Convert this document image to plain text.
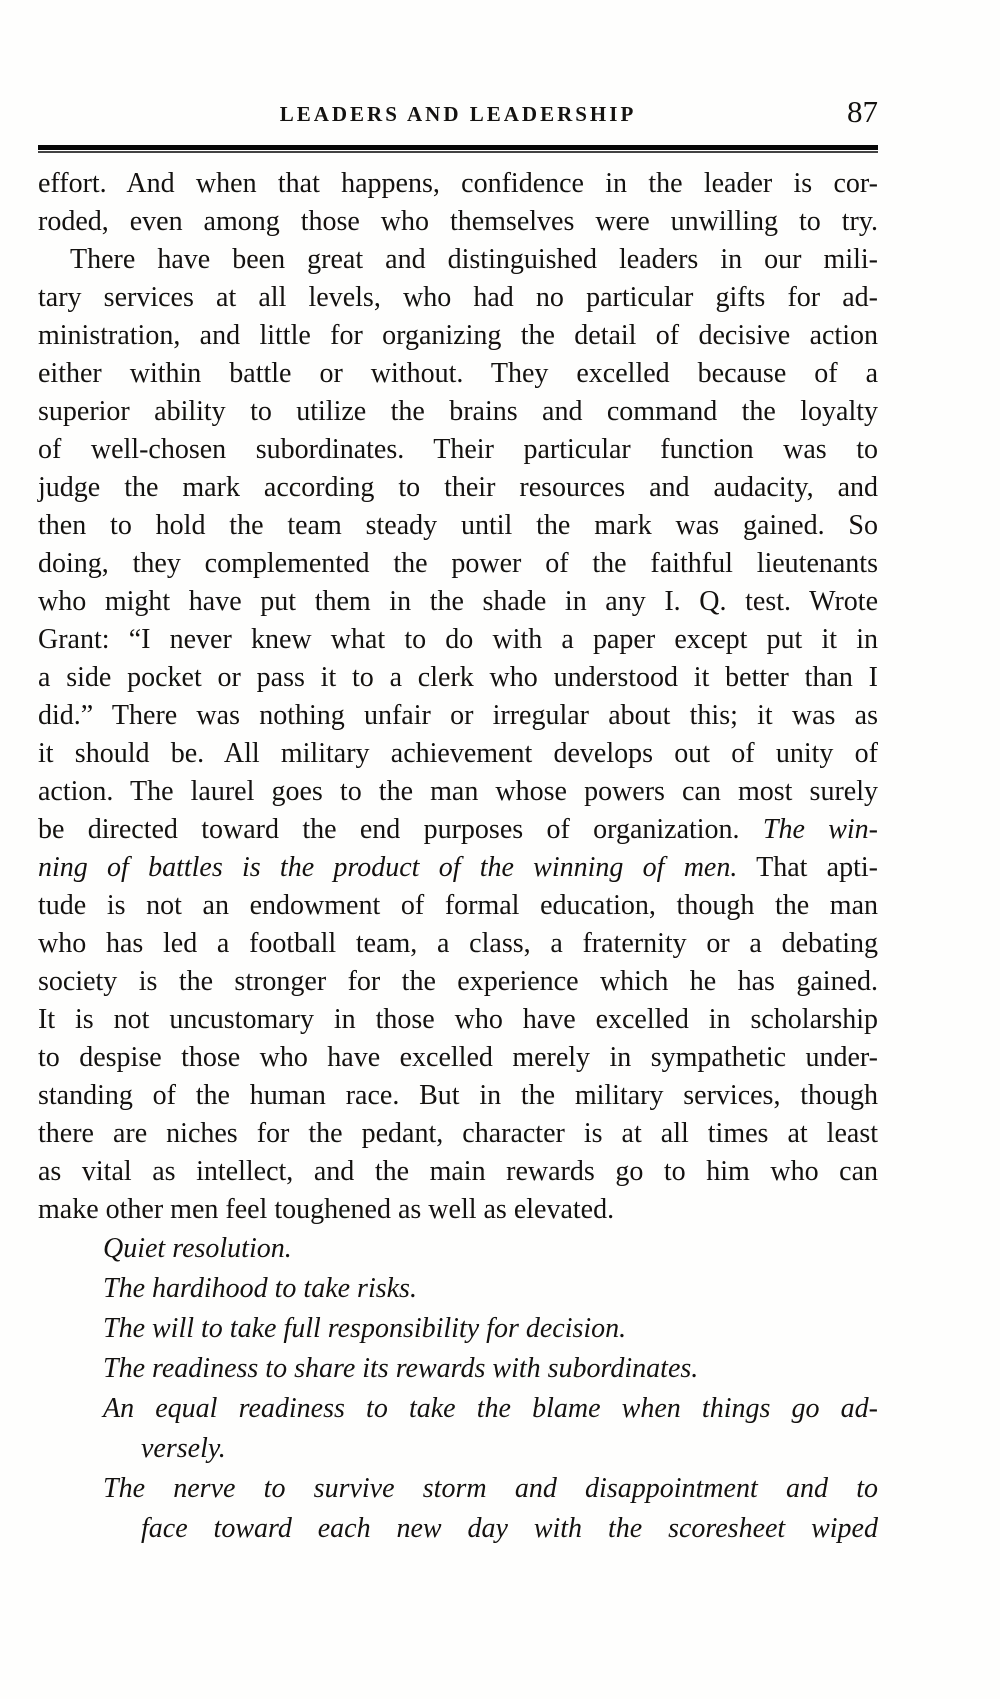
87
LEADERS AND LEADERSHIP
effort. And when that happens, confidence in the leader is cor-
roded, even among those who themselves were unwilling to try.
There have been great and distinguished leaders in our mili-
tary services at all levels, who had no particular gifts for ad-
ministration, and little for organizing the detail of decisive action
either within battle or without. They excelled because of a
superior ability to utilize the brains and command the loyalty
of well-chosen subordinates. Their particular function was to
judge the mark according to their resources and audacity, and
then to hold the team steady until the mark was gained. So
doing, they complemented the power of the faithful lieutenants
who might have put them in the shade in any I. Q. test. Wrote
Grant: “I never knew what to do with a paper except put it in
a side pocket or pass it to a clerk who understood it better than I
did.” There was nothing unfair or irregular about this; it was as
it should be. All military achievement develops out of unity of
action. The laurel goes to the man whose powers can most surely
be directed toward the end purposes of organization. The win-
ning of battles is the product of the winning of men. That apti-
tude is not an endowment of formal education, though the man
who has led a football team, a class, a fraternity or a debating
society is the stronger for the experience which he has gained.
It is not uncustomary in those who have excelled in scholarship
to despise those who have excelled merely in sympathetic under-
standing of the human race. But in the military services, though
there are niches for the pedant, character is at all times at least
as vital as intellect, and the main rewards go to him who can
make other men feel toughened as well as elevated.
Quiet resolution.
The hardihood to take risks.
The will to take full responsibility for decision.
The readiness to share its rewards with subordinates.
An equal readiness to take the blame when things go ad-
versely.
The nerve to survive storm and disappointment and to
face toward each new day with the scoresheet wiped
